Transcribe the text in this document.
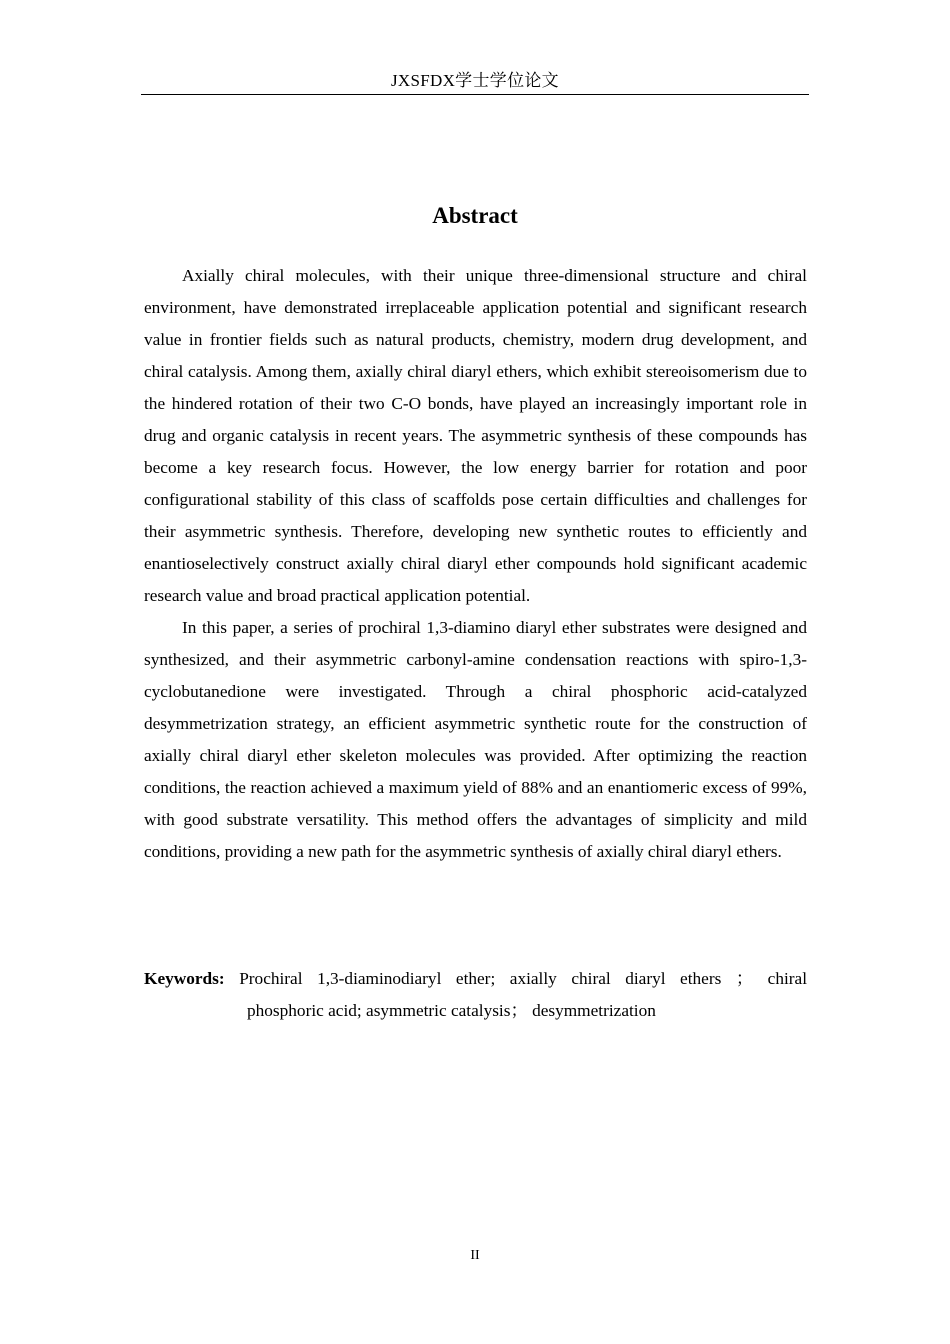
JXSFDX学士学位论文
Abstract

Axially chiral molecules, with their unique three-dimensional structure and chiral environment, have demonstrated irreplaceable application potential and significant research value in frontier fields such as natural products, chemistry, modern drug development, and chiral catalysis. Among them, axially chiral diaryl ethers, which exhibit stereoisomerism due to the hindered rotation of their two C-O bonds, have played an increasingly important role in drug and organic catalysis in recent years. The asymmetric synthesis of these compounds has become a key research focus. However, the low energy barrier for rotation and poor configurational stability of this class of scaffolds pose certain difficulties and challenges for their asymmetric synthesis. Therefore, developing new synthetic routes to efficiently and enantioselectively construct axially chiral diaryl ether compounds hold significant academic research value and broad practical application potential.

In this paper, a series of prochiral 1,3-diamino diaryl ether substrates were designed and synthesized, and their asymmetric carbonyl-amine condensation reactions with spiro-1,3-cyclobutanedione were investigated. Through a chiral phosphoric acid-catalyzed desymmetrization strategy, an efficient asymmetric synthetic route for the construction of axially chiral diaryl ether skeleton molecules was provided. After optimizing the reaction conditions, the reaction achieved a maximum yield of 88% and an enantiomeric excess of 99%, with good substrate versatility. This method offers the advantages of simplicity and mild conditions, providing a new path for the asymmetric synthesis of axially chiral diaryl ethers.

Keywords: Prochiral 1,3-diaminodiaryl ether; axially chiral diaryl ethers ； chiral
phosphoric acid; asymmetric catalysis； desymmetrization
II
